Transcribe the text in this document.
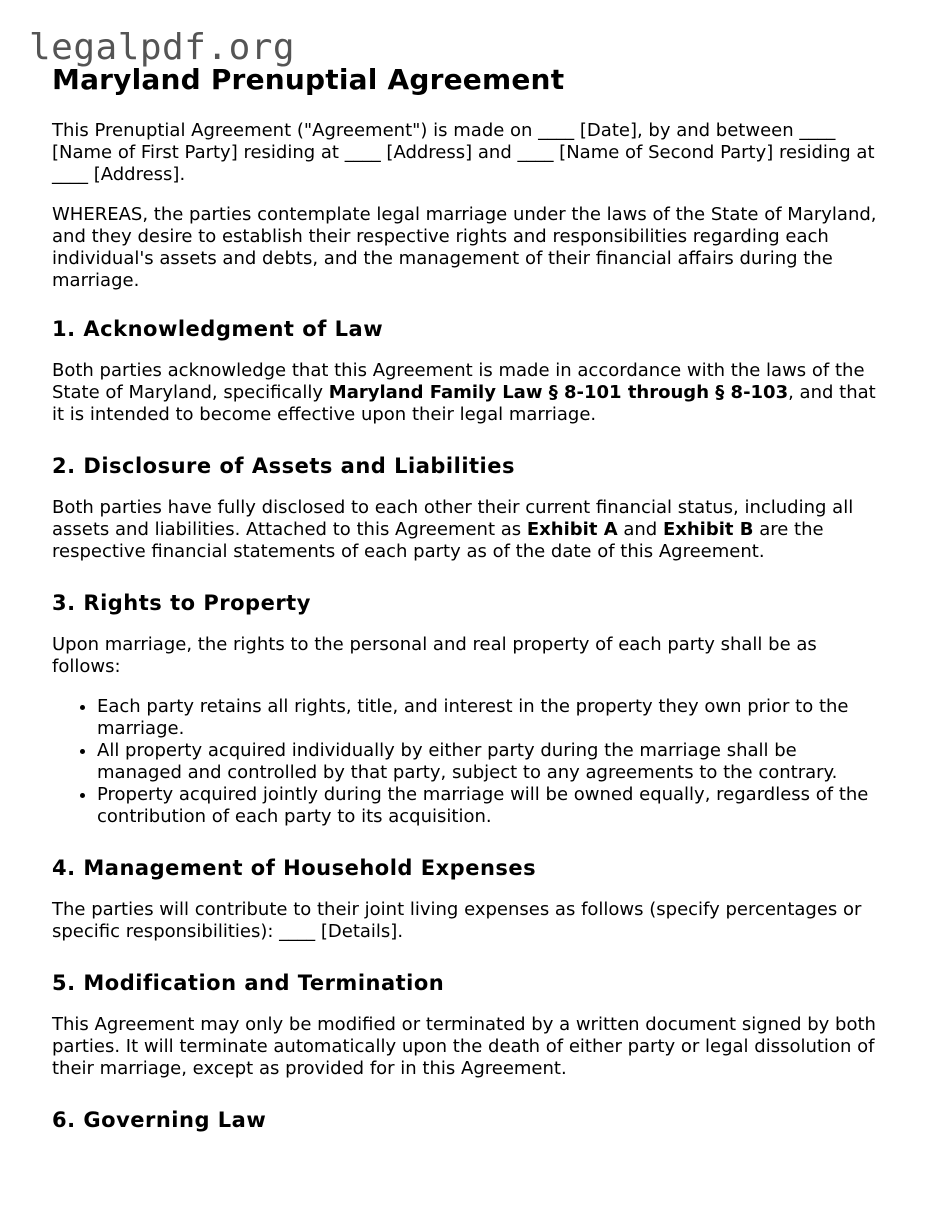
legalpdf.org
Maryland Prenuptial Agreement

This Prenuptial Agreement ("Agreement") is made on ____ [Date], by and between ____ [Name of First Party] residing at ____ [Address] and ____ [Name of Second Party] residing at ____ [Address].

WHEREAS, the parties contemplate legal marriage under the laws of the State of Maryland, and they desire to establish their respective rights and responsibilities regarding each individual's assets and debts, and the management of their financial affairs during the marriage.

1. Acknowledgment of Law

Both parties acknowledge that this Agreement is made in accordance with the laws of the State of Maryland, specifically Maryland Family Law § 8-101 through § 8-103, and that it is intended to become effective upon their legal marriage.

2. Disclosure of Assets and Liabilities

Both parties have fully disclosed to each other their current financial status, including all assets and liabilities. Attached to this Agreement as Exhibit A and Exhibit B are the respective financial statements of each party as of the date of this Agreement.

3. Rights to Property

Upon marriage, the rights to the personal and real property of each party shall be as follows:

• Each party retains all rights, title, and interest in the property they own prior to the marriage.
• All property acquired individually by either party during the marriage shall be managed and controlled by that party, subject to any agreements to the contrary.
• Property acquired jointly during the marriage will be owned equally, regardless of the contribution of each party to its acquisition.
4. Management of Household Expenses

The parties will contribute to their joint living expenses as follows (specify percentages or specific responsibilities): ____ [Details].

5. Modification and Termination

This Agreement may only be modified or terminated by a written document signed by both parties. It will terminate automatically upon the death of either party or legal dissolution of their marriage, except as provided for in this Agreement.

6. Governing Law
